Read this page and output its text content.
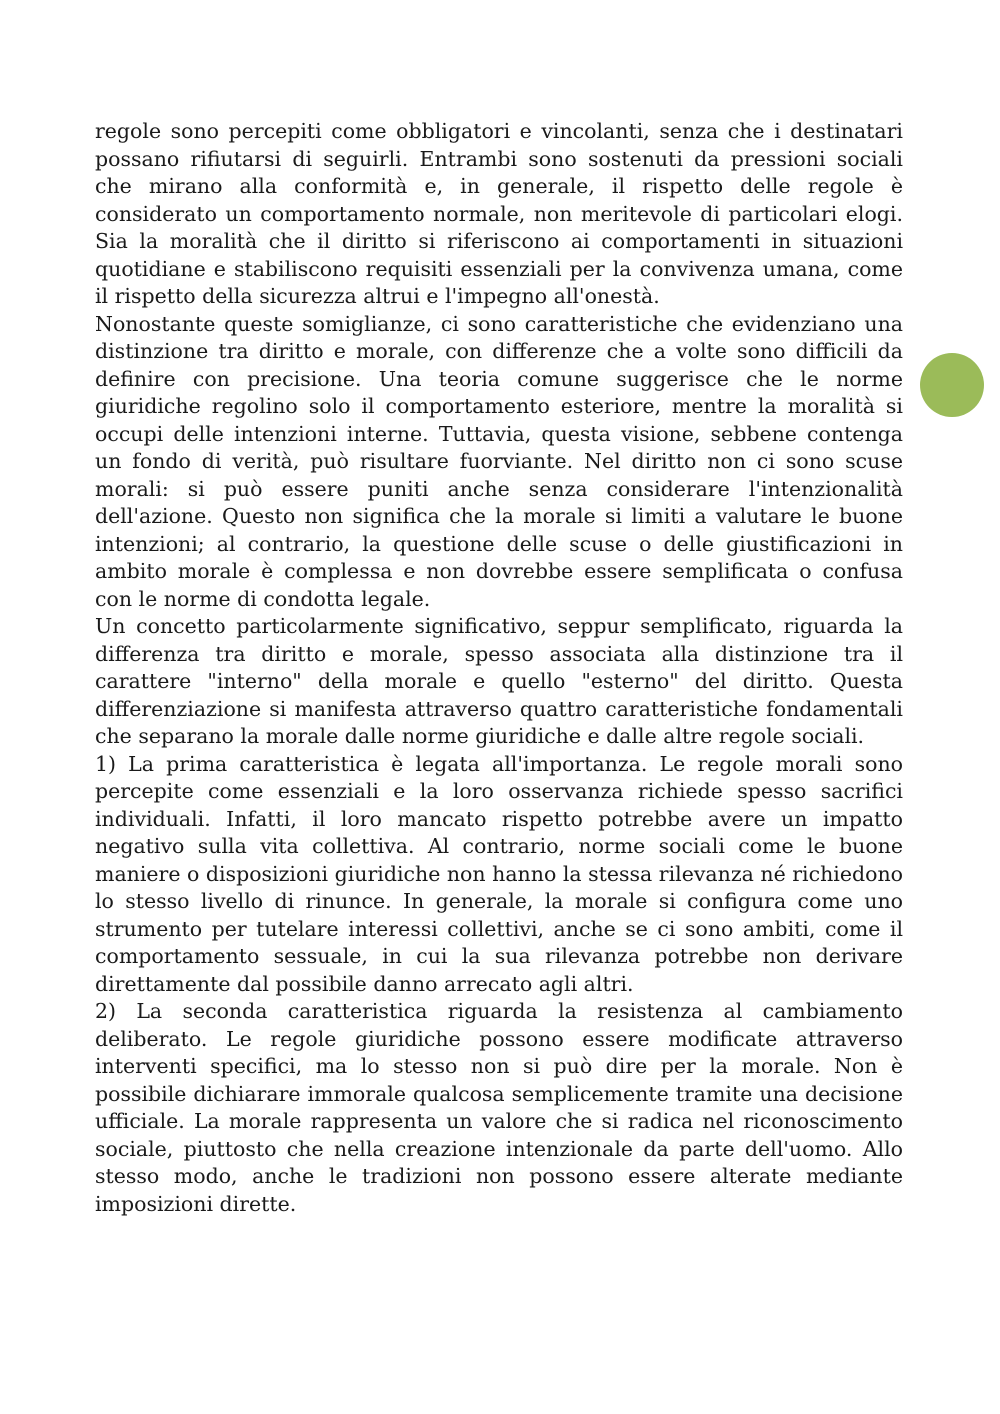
regole sono percepiti come obbligatori e vincolanti, senza che i destinatari possano rifiutarsi di seguirli. Entrambi sono sostenuti da pressioni sociali che mirano alla conformità e, in generale, il rispetto delle regole è considerato un comportamento normale, non meritevole di particolari elogi. Sia la moralità che il diritto si riferiscono ai comportamenti in situazioni quotidiane e stabiliscono requisiti essenziali per la convivenza umana, come il rispetto della sicurezza altrui e l'impegno all'onestà.

Nonostante queste somiglianze, ci sono caratteristiche che evidenziano una distinzione tra diritto e morale, con differenze che a volte sono difficili da definire con precisione. Una teoria comune suggerisce che le norme giuridiche regolino solo il comportamento esteriore, mentre la moralità si occupi delle intenzioni interne. Tuttavia, questa visione, sebbene contenga un fondo di verità, può risultare fuorviante. Nel diritto non ci sono scuse morali: si può essere puniti anche senza considerare l'intenzionalità dell'azione. Questo non significa che la morale si limiti a valutare le buone intenzioni; al contrario, la questione delle scuse o delle giustificazioni in ambito morale è complessa e non dovrebbe essere semplificata o confusa con le norme di condotta legale.

Un concetto particolarmente significativo, seppur semplificato, riguarda la differenza tra diritto e morale, spesso associata alla distinzione tra il carattere "interno" della morale e quello "esterno" del diritto. Questa differenziazione si manifesta attraverso quattro caratteristiche fondamentali che separano la morale dalle norme giuridiche e dalle altre regole sociali.

1) La prima caratteristica è legata all'importanza. Le regole morali sono percepite come essenziali e la loro osservanza richiede spesso sacrifici individuali. Infatti, il loro mancato rispetto potrebbe avere un impatto negativo sulla vita collettiva. Al contrario, norme sociali come le buone maniere o disposizioni giuridiche non hanno la stessa rilevanza né richiedono lo stesso livello di rinunce. In generale, la morale si configura come uno strumento per tutelare interessi collettivi, anche se ci sono ambiti, come il comportamento sessuale, in cui la sua rilevanza potrebbe non derivare direttamente dal possibile danno arrecato agli altri.

2) La seconda caratteristica riguarda la resistenza al cambiamento deliberato. Le regole giuridiche possono essere modificate attraverso interventi specifici, ma lo stesso non si può dire per la morale. Non è possibile dichiarare immorale qualcosa semplicemente tramite una decisione ufficiale. La morale rappresenta un valore che si radica nel riconoscimento sociale, piuttosto che nella creazione intenzionale da parte dell'uomo. Allo stesso modo, anche le tradizioni non possono essere alterate mediante imposizioni dirette.
